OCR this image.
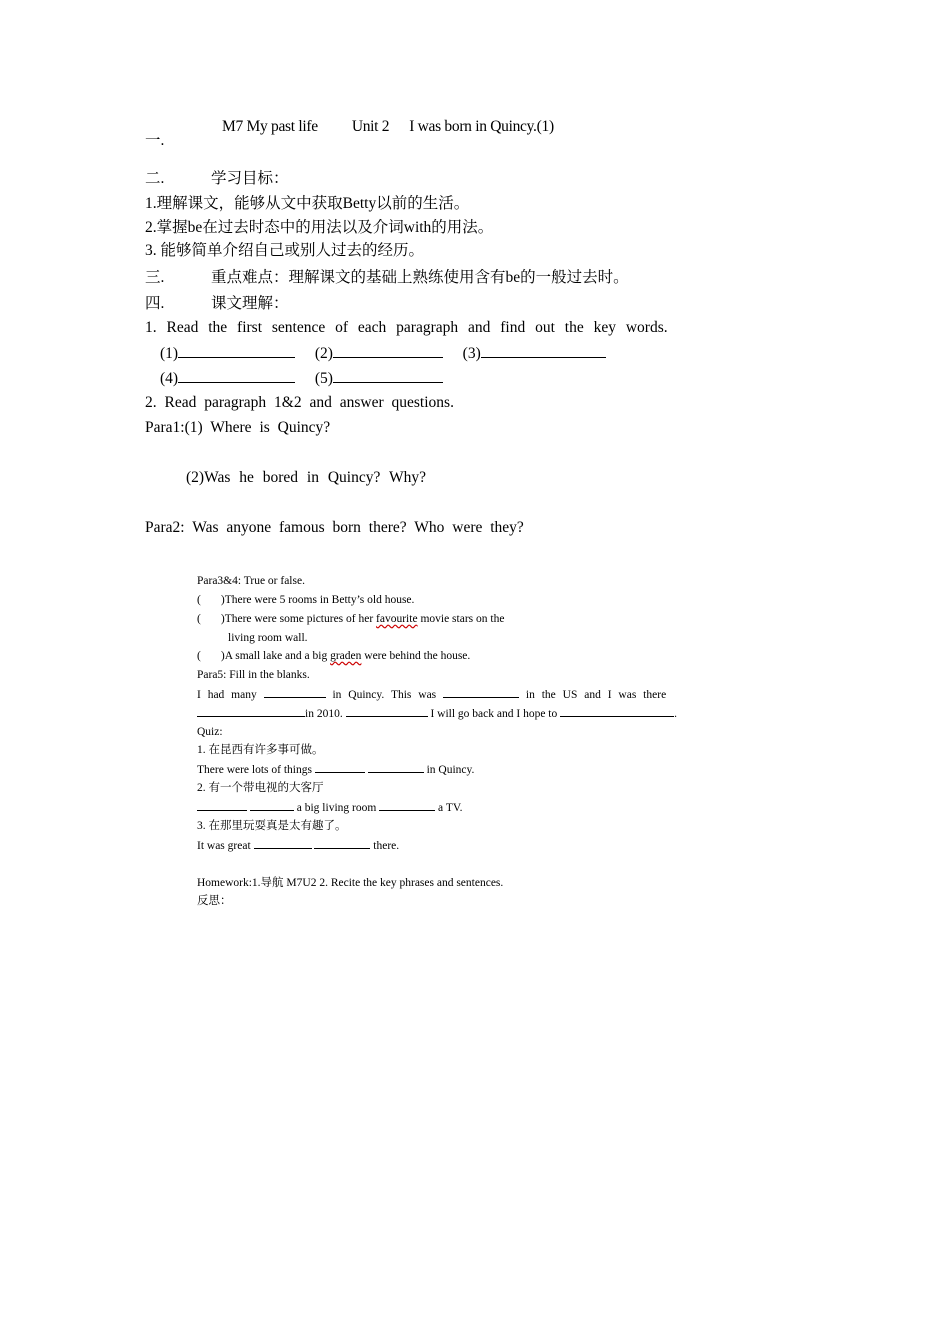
一.
M7 My past life Unit 2 I was born in Quincy.(1)
二.	学习目标：
1.理解课文，能够从文中获取Betty以前的生活。
2.掌握be在过去时态中的用法以及介词with的用法。
3. 能够简单介绍自己或别人过去的经历。
三.	重点难点：理解课文的基础上熟练使用含有be的一般过去时。
四.	课文理解：
1. Read the first sentence of each paragraph and find out the key words.
(1)	(2)	(3)
(4)	(5)
2. Read paragraph 1&2 and answer questions.
Para1:(1) Where is Quincy?
(2)Was he bored in Quincy? Why?
Para2: Was anyone famous born there? Who were they?
Para3&4: True or false.
( )There were 5 rooms in Betty’s old house.
( )There were some pictures of her favourite movie stars on the
living room wall.
( )A small lake and a big graden were behind the house.
Para5: Fill in the blanks.
I had many	in Quincy. This was	in the US and I was there
in 2010.	I will go back and I hope to	.
Quiz:
1. 在昆西有许多事可做。
There were lots of things	in Quincy.
2. 有一个带电视的大客厅
a big living room	a TV.
3. 在那里玩耍真是太有趣了。
It was great	there.
Homework:1.导航 M7U2 2. Recite the key phrases and sentences.
反思：
